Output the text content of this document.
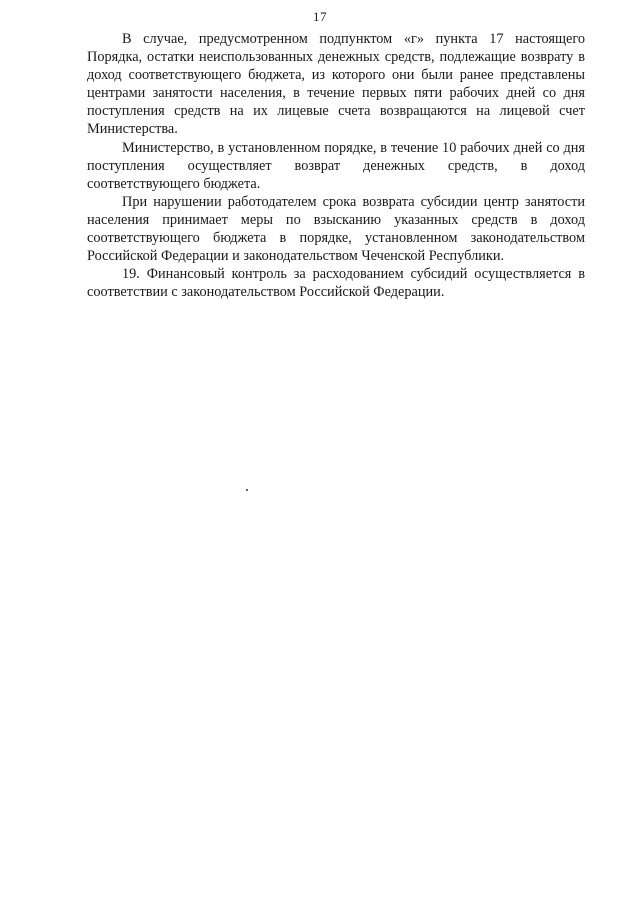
17

В случае, предусмотренном подпунктом «г» пункта 17 настоящего Порядка, остатки неиспользованных денежных средств, подлежащие возврату в доход соответствующего бюджета, из которого они были ранее представлены центрами занятости населения, в течение первых пяти рабочих дней со дня поступления средств на их лицевые счета возвращаются на лицевой счет Министерства.

Министерство, в установленном порядке, в течение 10 рабочих дней со дня поступления осуществляет возврат денежных средств, в доход соответствующего бюджета.

При нарушении работодателем срока возврата субсидии центр занятости населения принимает меры по взысканию указанных средств в доход соответствующего бюджета в порядке, установленном законодательством Российской Федерации и законодательством Чеченской Республики.

19. Финансовый контроль за расходованием субсидий осуществляется в соответствии с законодательством Российской Федерации.
